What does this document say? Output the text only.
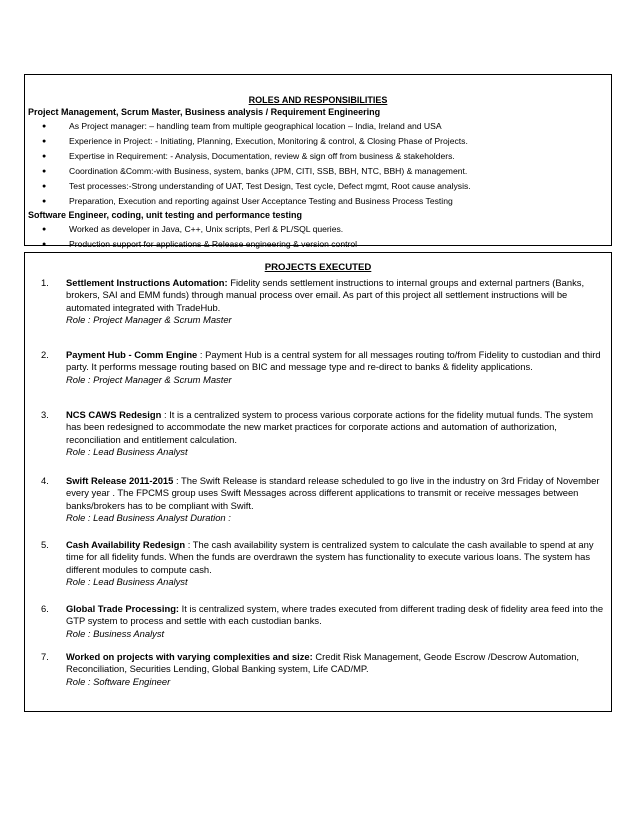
ROLES AND RESPONSIBILITIES
Project Management, Scrum Master, Business analysis / Requirement Engineering
●	As Project manager: – handling team from multiple geographical location – India, Ireland and USA
●	Experience in Project: - Initiating, Planning, Execution, Monitoring & control, & Closing Phase of Projects.
●	Expertise in Requirement: - Analysis, Documentation, review & sign off from business & stakeholders.
●	Coordination &Comm:-with Business, system, banks (JPM, CITI, SSB, BBH, NTC, BBH) & management.
●	Test processes:-Strong understanding of UAT, Test Design, Test cycle, Defect mgmt, Root cause analysis.
●	Preparation, Execution and reporting against User Acceptance Testing and Business Process Testing
Software Engineer, coding, unit testing and performance testing
●	Worked as developer in Java, C++, Unix scripts, Perl & PL/SQL queries.
●	Production support for applications & Release engineering & version control
PROJECTS EXECUTED
1. Settlement Instructions Automation: Fidelity sends settlement instructions to internal groups and external partners (Banks, brokers, SAI and EMM funds) through manual process over email. As part of this project all settlement instructions will be automated integrated with TradeHub.
Role : Project Manager & Scrum Master
2. Payment Hub - Comm Engine : Payment Hub is a central system for all messages routing to/from Fidelity to custodian and third party. It performs message routing based on BIC and message type and re-direct to banks & fidelity applications.
Role : Project Manager & Scrum Master
3. NCS CAWS Redesign : It is a centralized system to process various corporate actions for the fidelity mutual funds. The system has been redesigned to accommodate the new market practices for corporate actions and automation of authorization, reconciliation and entitlement calculation.
Role : Lead Business Analyst
4. Swift Release 2011-2015 : The Swift Release is standard release scheduled to go live in the industry on 3rd Friday of November every year . The FPCMS group uses Swift Messages across different applications to transmit or receive messages between banks/brokers has to be compliant with Swift.
Role : Lead Business Analyst Duration :
5. Cash Availability Redesign : The cash availability system is centralized system to calculate the cash available to spend at any time for all fidelity funds. When the funds are overdrawn the system has functionality to execute various loans. The system has different modules to compute cash.
Role : Lead Business Analyst
6. Global Trade Processing: It is centralized system, where trades executed from different trading desk of fidelity area feed into the GTP system to process and settle with each custodian banks.
Role : Business Analyst
7. Worked on projects with varying complexities and size: Credit Risk Management, Geode Escrow /Descrow Automation, Reconciliation, Securities Lending, Global Banking system, Life CAD/MP.
Role : Software Engineer
